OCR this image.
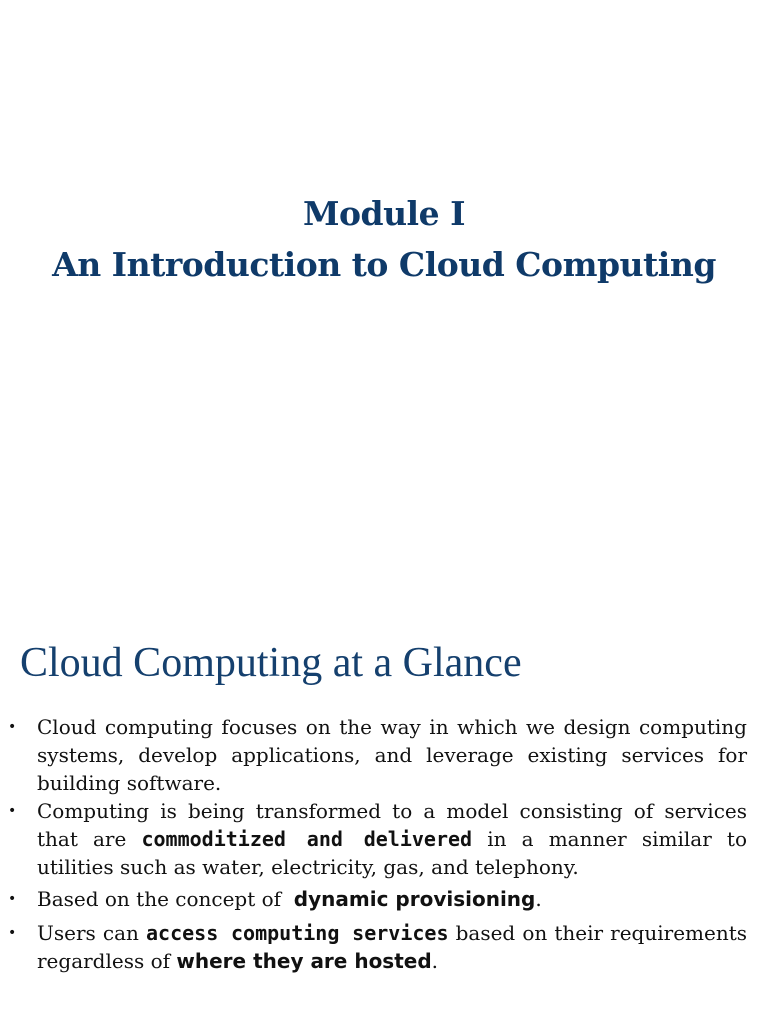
Module I
An Introduction to Cloud Computing
Cloud Computing at a Glance
• Cloud computing focuses on the way in which we design computing systems, develop applications, and leverage existing services for building software.
• Computing is being transformed to a model consisting of services that are commoditized and delivered in a manner similar to utilities such as water, electricity, gas, and telephony.
• Based on the concept of  dynamic provisioning.
• Users can access computing services based on their requirements regardless of where they are hosted.
